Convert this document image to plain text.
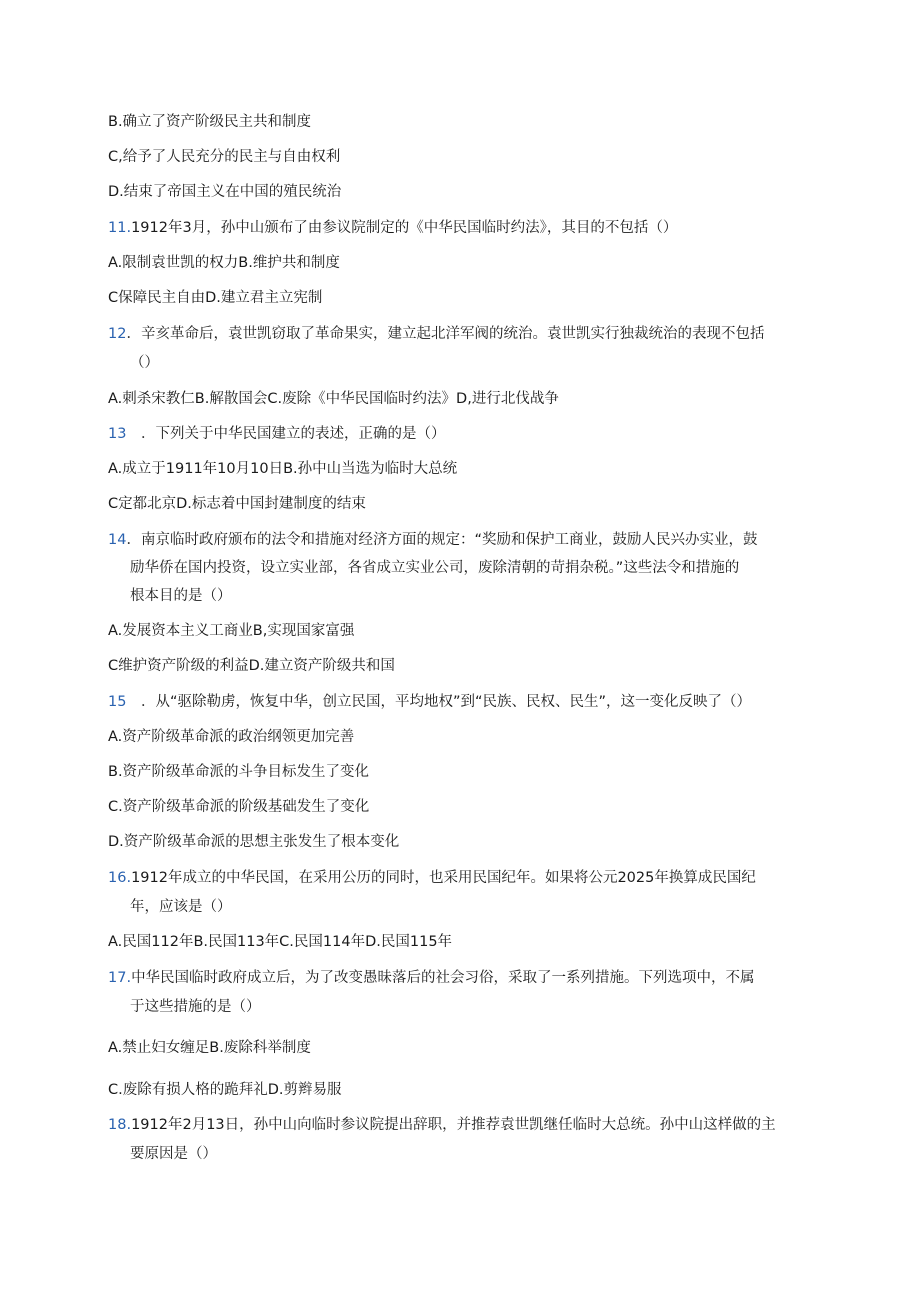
B.确立了资产阶级民主共和制度
C,给予了人民充分的民主与自由权利
D.结束了帝国主义在中国的殖民统治
11.1912年3月，孙中山颁布了由参议院制定的《中华民国临时约法》，其目的不包括（）
A.限制袁世凯的权力B.维护共和制度
C保障民主自由D.建立君主立宪制
12．辛亥革命后，袁世凯窃取了革命果实，建立起北洋军阀的统治。袁世凯实行独裁统治的表现不包括
（）
A.刺杀宋教仁B.解散国会C.废除《中华民国临时约法》D,进行北伐战争
13　．下列关于中华民国建立的表述，正确的是（）
A.成立于1911年10月10日B.孙中山当选为临时大总统
C定都北京D.标志着中国封建制度的结束
14．南京临时政府颁布的法令和措施对经济方面的规定：“奖励和保护工商业，鼓励人民兴办实业，鼓
励华侨在国内投资，设立实业部，各省成立实业公司，废除清朝的苛捐杂税。”这些法令和措施的
根本目的是（）
A.发展资本主义工商业B,实现国家富强
C维护资产阶级的利益D.建立资产阶级共和国
15　．从“驱除勒虏，恢复中华，创立民国，平均地权”到“民族、民权、民生”，这一变化反映了（）
A.资产阶级革命派的政治纲领更加完善
B.资产阶级革命派的斗争目标发生了变化
C.资产阶级革命派的阶级基础发生了变化
D.资产阶级革命派的思想主张发生了根本变化
16.1912年成立的中华民国，在采用公历的同时，也采用民国纪年。如果将公元2025年换算成民国纪
年，应该是（）
A.民国112年B.民国113年C.民国114年D.民国115年
17.中华民国临时政府成立后，为了改变愚昧落后的社会习俗，采取了一系列措施。下列选项中，不属
于这些措施的是（）
A.禁止妇女缠足B.废除科举制度
C.废除有损人格的跪拜礼D.剪辫易服
18.1912年2月13日，孙中山向临时参议院提出辞职，并推荐袁世凯继任临时大总统。孙中山这样做的主
要原因是（）
